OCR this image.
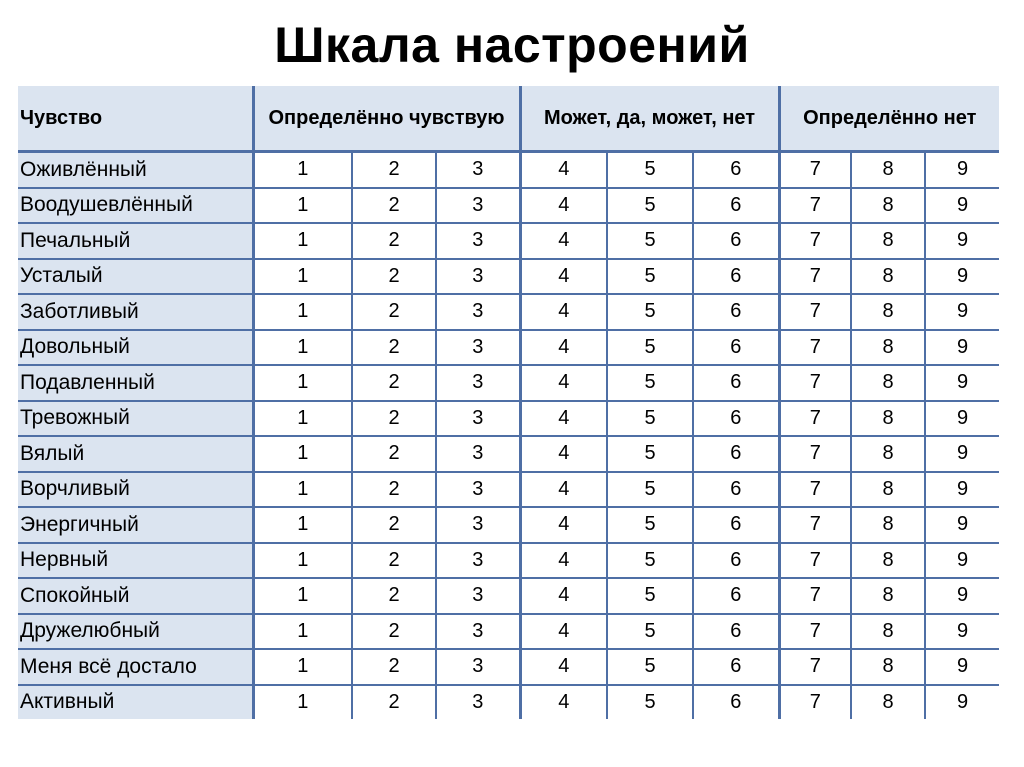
Шкала настроений
Чувство	Определённо чувствую			Может, да, может, нет			Определённо нет		
Оживлённый	1	2	3	4	5	6	7	8	9
Воодушевлённый	1	2	3	4	5	6	7	8	9
Печальный	1	2	3	4	5	6	7	8	9
Усталый	1	2	3	4	5	6	7	8	9
Заботливый	1	2	3	4	5	6	7	8	9
Довольный	1	2	3	4	5	6	7	8	9
Подавленный	1	2	3	4	5	6	7	8	9
Тревожный	1	2	3	4	5	6	7	8	9
Вялый	1	2	3	4	5	6	7	8	9
Ворчливый	1	2	3	4	5	6	7	8	9
Энергичный	1	2	3	4	5	6	7	8	9
Нервный	1	2	3	4	5	6	7	8	9
Спокойный	1	2	3	4	5	6	7	8	9
Дружелюбный	1	2	3	4	5	6	7	8	9
Меня всё достало	1	2	3	4	5	6	7	8	9
Активный	1	2	3	4	5	6	7	8	9
